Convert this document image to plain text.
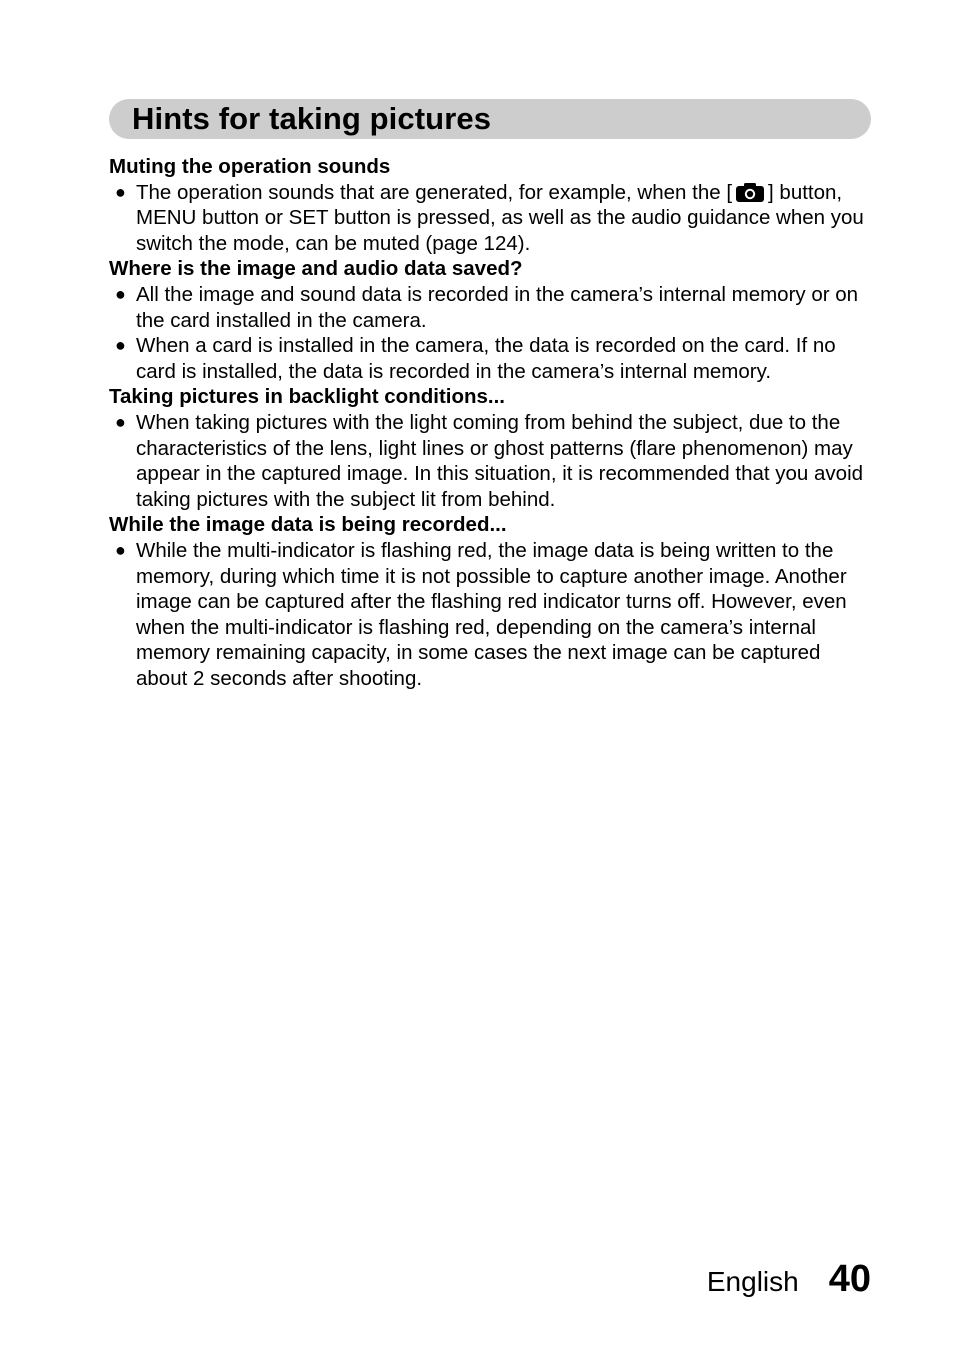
Hints for taking pictures

Muting the operation sounds

● The operation sounds that are generated, for example, when the [ ] button, MENU button or SET button is pressed, as well as the audio guidance when you switch the mode, can be muted (page 124).

Where is the image and audio data saved?

● All the image and sound data is recorded in the camera’s internal memory or on the card installed in the camera.

● When a card is installed in the camera, the data is recorded on the card. If no card is installed, the data is recorded in the camera’s internal memory.

Taking pictures in backlight conditions...

● When taking pictures with the light coming from behind the subject, due to the characteristics of the lens, light lines or ghost patterns (flare phenomenon) may appear in the captured image. In this situation, it is recommended that you avoid taking pictures with the subject lit from behind.

While the image data is being recorded...

● While the multi-indicator is flashing red, the image data is being written to the memory, during which time it is not possible to capture another image. Another image can be captured after the flashing red indicator turns off. However, even when the multi-indicator is flashing red, depending on the camera’s internal memory remaining capacity, in some cases the next image can be captured about 2 seconds after shooting.

English 40
